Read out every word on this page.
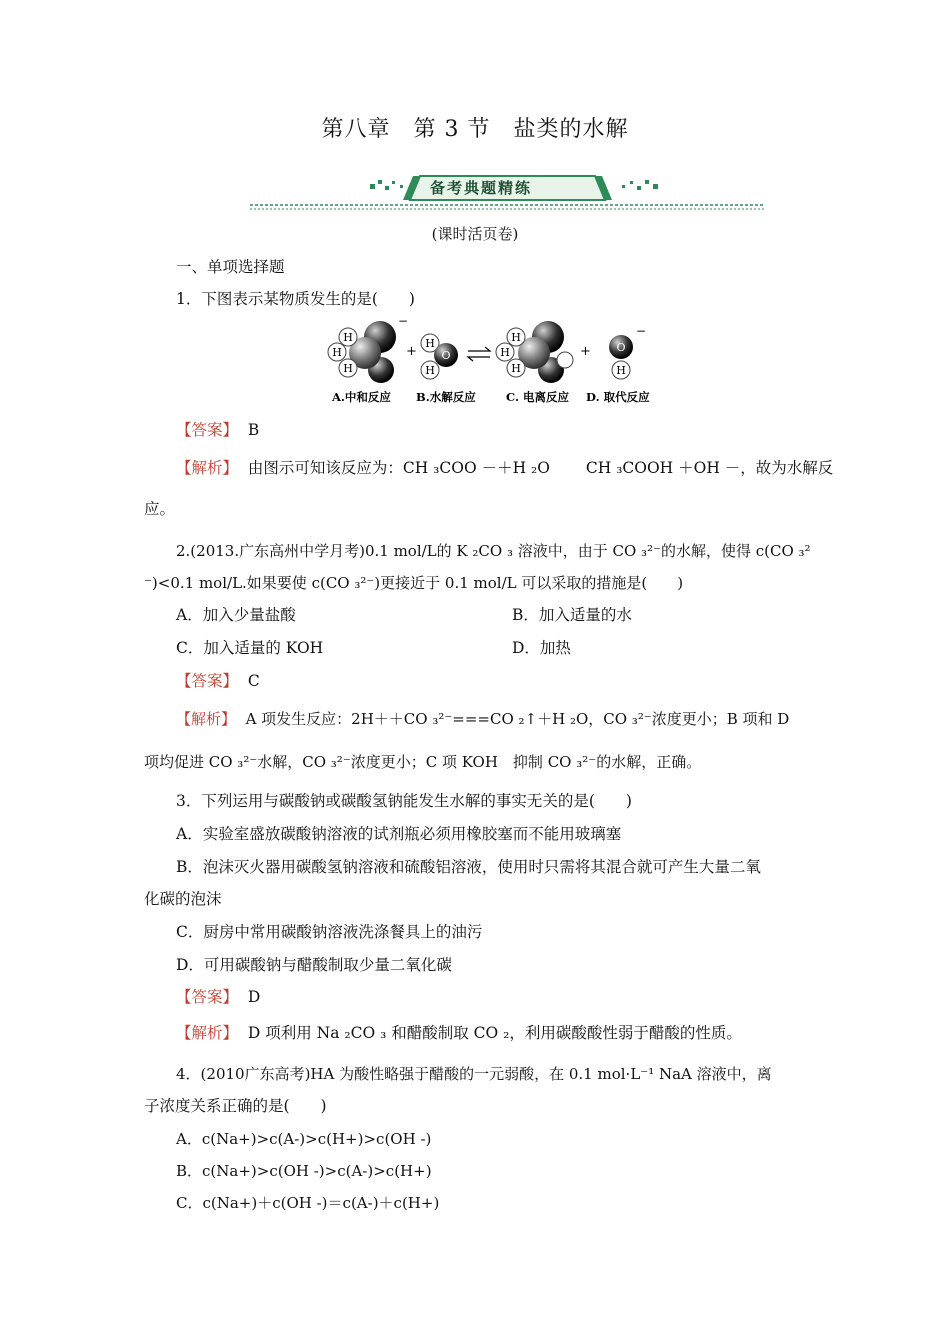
第八章　第 3 节　盐类的水解
备考典题精练
(课时活页卷)
一、单项选择题
1．下图表示某物质发生的是(　　)
H
H
H
−
+
H
O
H
H
H
H
+ O
H
−
A.中和反应 B.水解反应	C. 电离反应 D. 取代反应
【答案】 B
【解析】 由图示可知该反应为：CH ₃COO －＋H ₂O 　　CH ₃COOH ＋OH －，故为水解反
应。
2.(2013.广东高州中学月考)0.1 mol/L的 K ₂CO ₃ 溶液中，由于 CO ₃²⁻的水解，使得 c(CO ₃²
⁻)<0.1 mol/L.如果要使 c(CO ₃²⁻)更接近于 0.1 mol/L 可以采取的措施是(　　)
A．加入少量盐酸	B．加入适量的水
C．加入适量的 KOH	D．加热
【答案】 C
【解析】 A 项发生反应：2H＋＋CO ₃²⁻===CO ₂↑＋H ₂O，CO ₃²⁻浓度更小；B 项和 D
项均促进 CO ₃²⁻水解，CO ₃²⁻浓度更小；C 项 KOH　抑制 CO ₃²⁻的水解，正确。
3．下列运用与碳酸钠或碳酸氢钠能发生水解的事实无关的是(　　)
A．实验室盛放碳酸钠溶液的试剂瓶必须用橡胶塞而不能用玻璃塞
B．泡沫灭火器用碳酸氢钠溶液和硫酸铝溶液，使用时只需将其混合就可产生大量二氧
化碳的泡沫
C．厨房中常用碳酸钠溶液洗涤餐具上的油污
D．可用碳酸钠与醋酸制取少量二氧化碳
【答案】 D
【解析】 D 项利用 Na ₂CO ₃ 和醋酸制取 CO ₂，利用碳酸酸性弱于醋酸的性质。
4．(2010广东高考)HA 为酸性略强于醋酸的一元弱酸，在 0.1 mol·L⁻¹ NaA 溶液中，离
子浓度关系正确的是(　　)
A．c(Na+)>c(A-)>c(H+)>c(OH -)
B．c(Na+)>c(OH -)>c(A-)>c(H+)
C．c(Na+)＋c(OH -)＝c(A-)＋c(H+)
